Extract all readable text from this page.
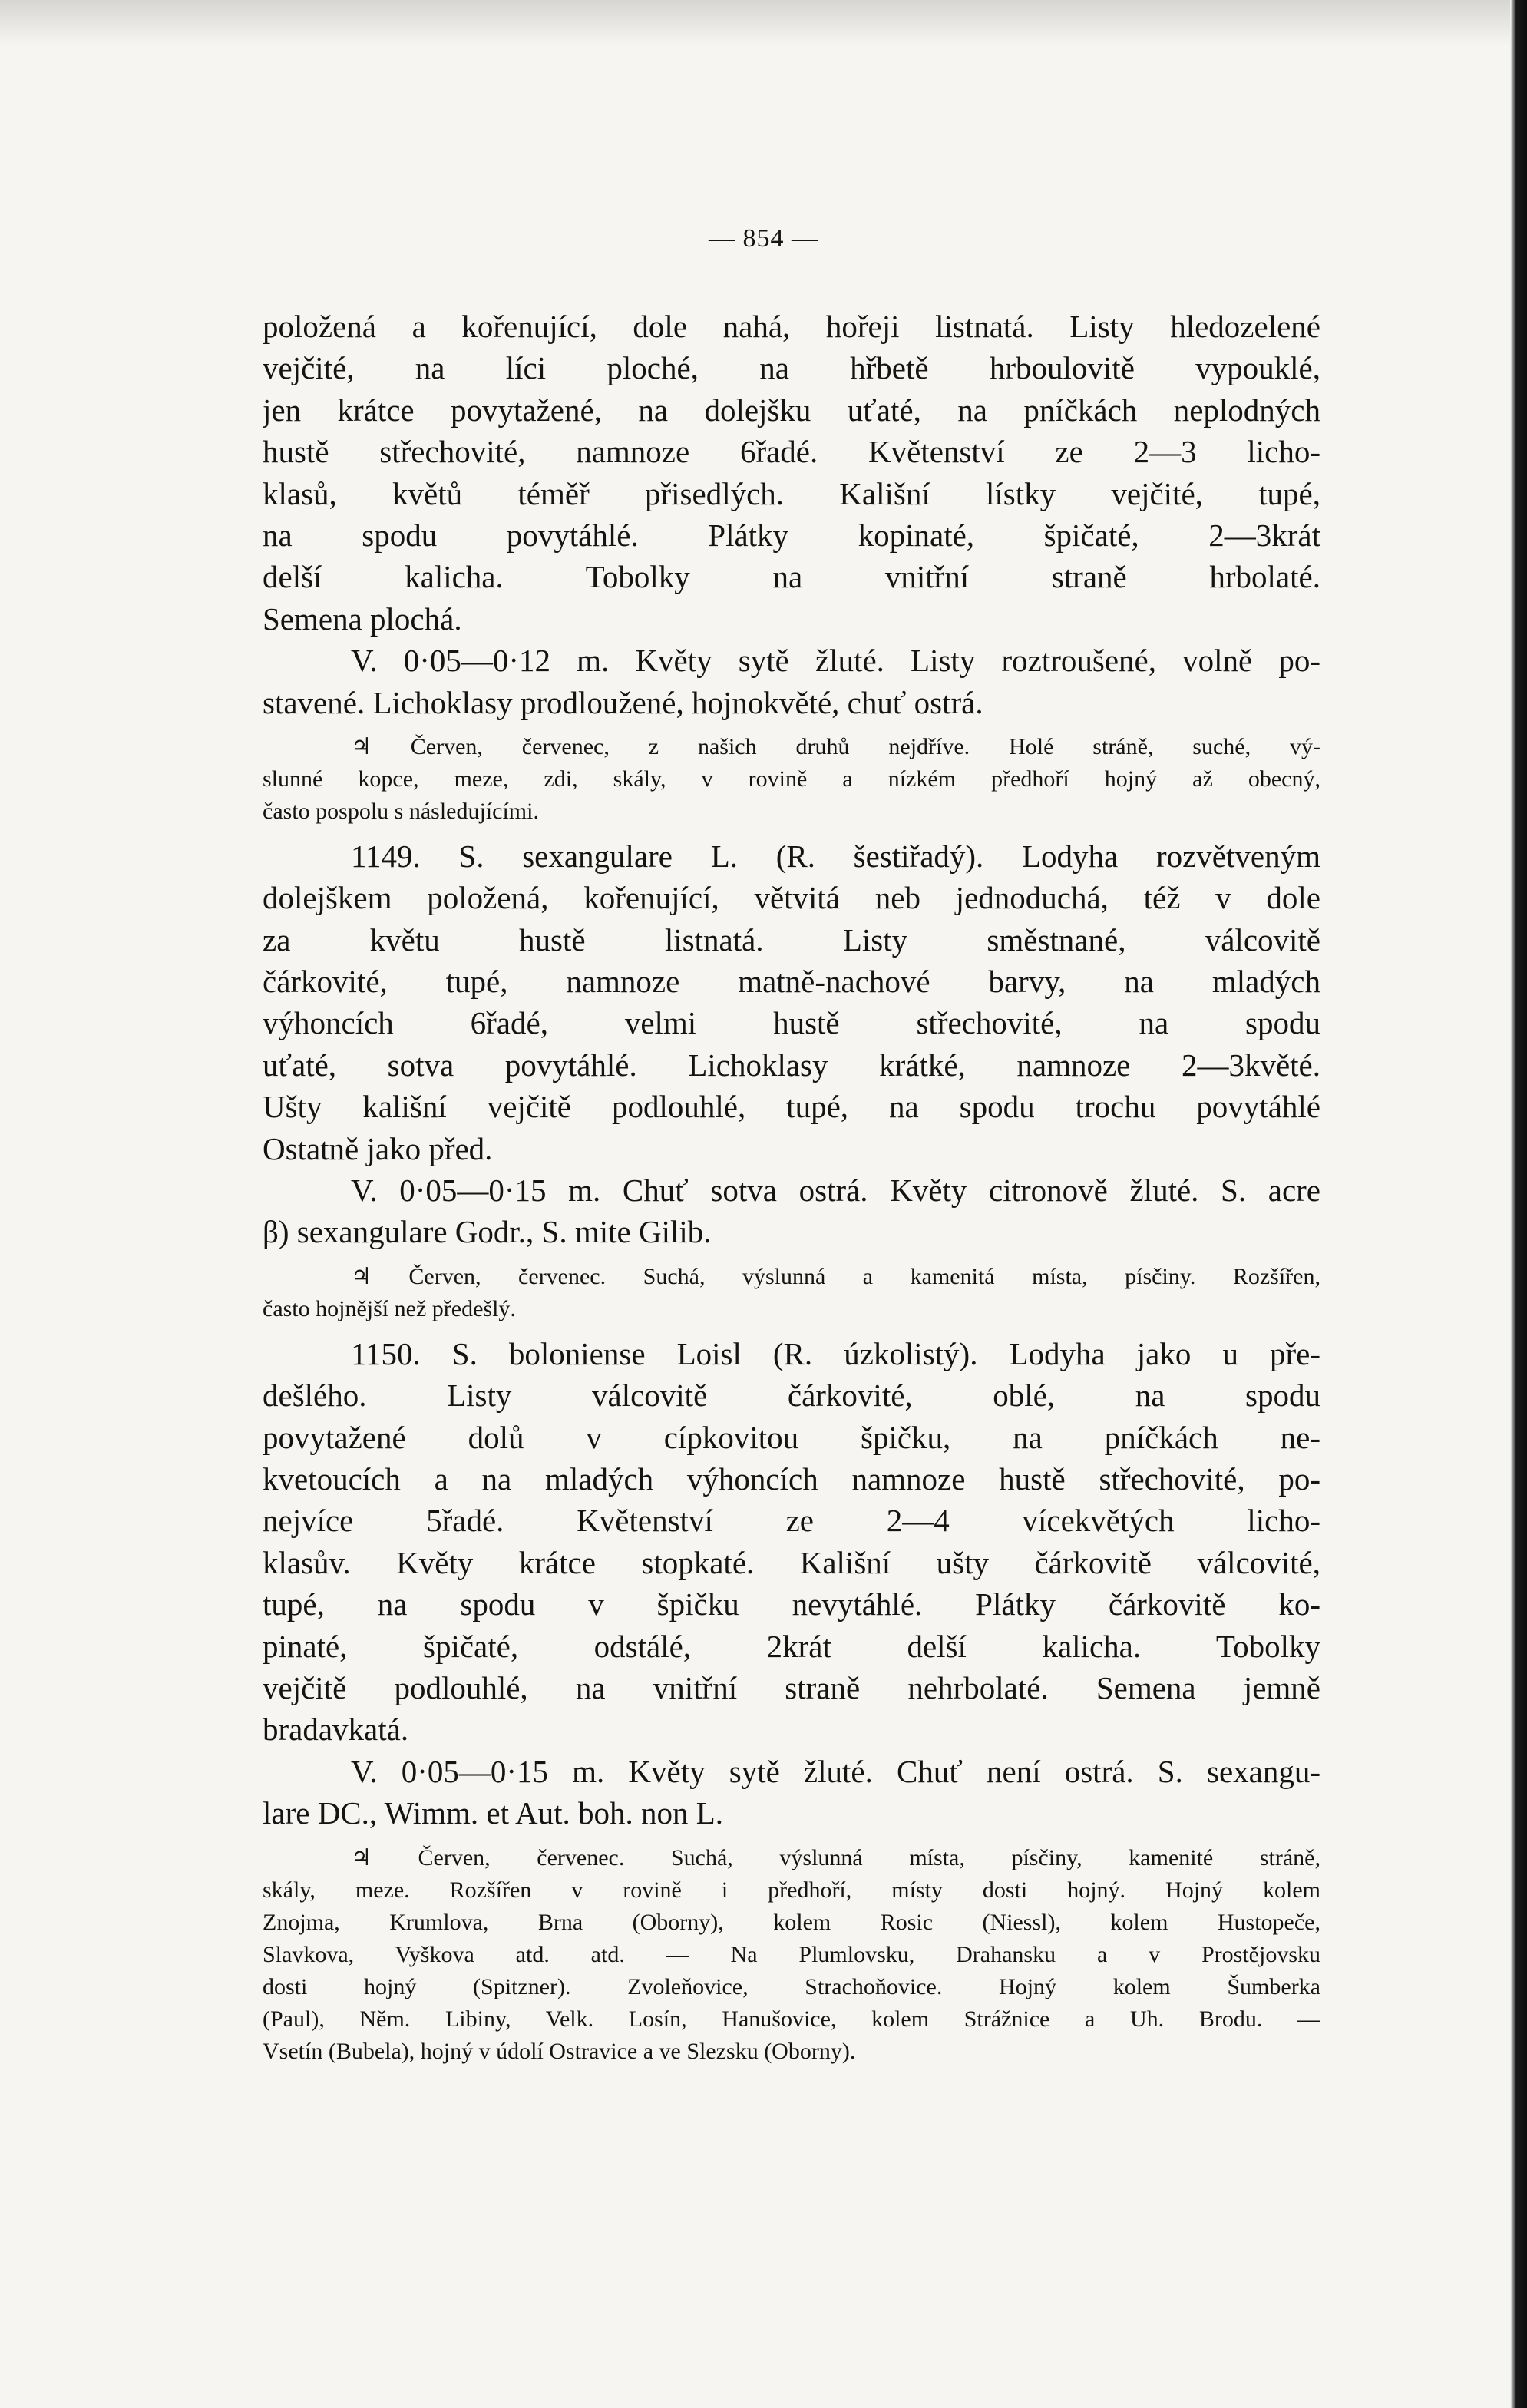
— 854 —
položená a kořenující, dole nahá, hořeji listnatá. Listy hledozelené
vejčité, na líci ploché, na hřbetě hrboulovitě vypouklé,
jen krátce povytažené, na dolejšku uťaté, na pníčkách neplodných
hustě střechovité, namnoze 6řadé. Květenství ze 2—3 licho-
klasů, květů téměř přisedlých. Kališní lístky vejčité, tupé,
na spodu povytáhlé. Plátky kopinaté, špičaté, 2—3krát
delší kalicha. Tobolky na vnitřní straně hrbolaté.
Semena plochá.
V. 0·05—0·12 m. Květy sytě žluté. Listy roztroušené, volně po-
stavené. Lichoklasy prodloužené, hojnokvěté, chuť ostrá.
♃ Červen, červenec, z našich druhů nejdříve. Holé stráně, suché, vý-
slunné kopce, meze, zdi, skály, v rovině a nízkém předhoří hojný až obecný,
často pospolu s následujícími.
1149. S. sexangulare L. (R. šestiřadý). Lodyha rozvětveným
dolejškem položená, kořenující, větvitá neb jednoduchá, též v dole
za květu hustě listnatá. Listy směstnané, válcovitě
čárkovité, tupé, namnoze matně-nachové barvy, na mladých
výhoncích 6řadé, velmi hustě střechovité, na spodu
uťaté, sotva povytáhlé. Lichoklasy krátké, namnoze 2—3květé.
Ušty kališní vejčitě podlouhlé, tupé, na spodu trochu povytáhlé
Ostatně jako před.
V. 0·05—0·15 m. Chuť sotva ostrá. Květy citronově žluté. S. acre
β) sexangulare Godr., S. mite Gilib.
♃ Červen, červenec. Suchá, výslunná a kamenitá místa, písčiny. Rozšířen,
často hojnější než předešlý.
1150. S. boloniense Loisl (R. úzkolistý). Lodyha jako u pře-
dešlého. Listy válcovitě čárkovité, oblé, na spodu
povytažené dolů v cípkovitou špičku, na pníčkách ne-
kvetoucích a na mladých výhoncích namnoze hustě střechovité, po-
nejvíce 5řadé. Květenství ze 2—4 vícekvětých licho-
klasův. Květy krátce stopkaté. Kališní ušty čárkovitě válcovité,
tupé, na spodu v špičku nevytáhlé. Plátky čárkovitě ko-
pinaté, špičaté, odstálé, 2krát delší kalicha. Tobolky
vejčitě podlouhlé, na vnitřní straně nehrbolaté. Semena jemně
bradavkatá.
V. 0·05—0·15 m. Květy sytě žluté. Chuť není ostrá. S. sexangu-
lare DC., Wimm. et Aut. boh. non L.
♃ Červen, červenec. Suchá, výslunná místa, písčiny, kamenité stráně,
skály, meze. Rozšířen v rovině i předhoří, místy dosti hojný. Hojný kolem
Znojma, Krumlova, Brna (Oborny), kolem Rosic (Niessl), kolem Hustopeče,
Slavkova, Vyškova atd. atd. — Na Plumlovsku, Drahansku a v Prostějovsku
dosti hojný (Spitzner). Zvoleňovice, Strachoňovice. Hojný kolem Šumberka
(Paul), Něm. Libiny, Velk. Losín, Hanušovice, kolem Strážnice a Uh. Brodu. —
Vsetín (Bubela), hojný v údolí Ostravice a ve Slezsku (Oborny).
